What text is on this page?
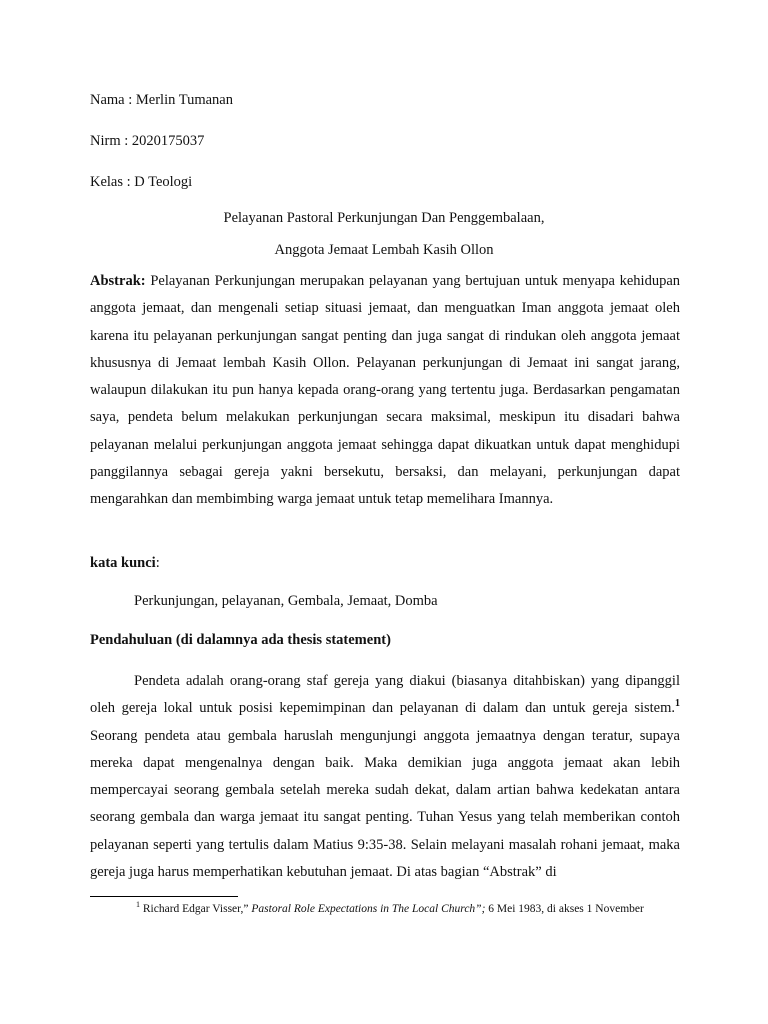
Nama : Merlin Tumanan
Nirm : 2020175037
Kelas : D Teologi
Pelayanan Pastoral Perkunjungan Dan Penggembalaan,
Anggota Jemaat Lembah Kasih Ollon
Abstrak: Pelayanan Perkunjungan merupakan pelayanan yang bertujuan untuk menyapa kehidupan anggota jemaat, dan mengenali setiap situasi jemaat, dan menguatkan Iman anggota jemaat oleh karena itu pelayanan perkunjungan sangat penting dan juga sangat di rindukan oleh anggota jemaat khususnya di Jemaat lembah Kasih Ollon. Pelayanan perkunjungan di Jemaat ini sangat jarang, walaupun dilakukan itu pun hanya kepada orang-orang yang tertentu juga. Berdasarkan pengamatan saya, pendeta belum melakukan perkunjungan secara maksimal, meskipun itu disadari bahwa pelayanan melalui perkunjungan anggota jemaat sehingga dapat dikuatkan untuk dapat menghidupi panggilannya sebagai gereja yakni bersekutu, bersaksi, dan melayani, perkunjungan dapat mengarahkan dan membimbing warga jemaat untuk tetap memelihara Imannya.
kata kunci:
Perkunjungan, pelayanan, Gembala, Jemaat, Domba
Pendahuluan (di dalamnya ada thesis statement)
Pendeta adalah orang-orang staf gereja yang diakui (biasanya ditahbiskan) yang dipanggil oleh gereja lokal untuk posisi kepemimpinan dan pelayanan di dalam dan untuk gereja sistem.$^1$ Seorang pendeta atau gembala haruslah mengunjungi anggota jemaatnya dengan teratur, supaya mereka dapat mengenalnya dengan baik. Maka demikian juga anggota jemaat akan lebih mempercayai seorang gembala setelah mereka sudah dekat, dalam artian bahwa kedekatan antara seorang gembala dan warga jemaat itu sangat penting. Tuhan Yesus yang telah memberikan contoh pelayanan seperti yang tertulis dalam Matius 9:35-38. Selain melayani masalah rohani jemaat, maka gereja juga harus memperhatikan kebutuhan jemaat. Di atas bagian “Abstrak” di
$^1$ Richard Edgar Visser,” Pastoral Role Expectations in The Local Church”; 6 Mei 1983, di akses 1 November
